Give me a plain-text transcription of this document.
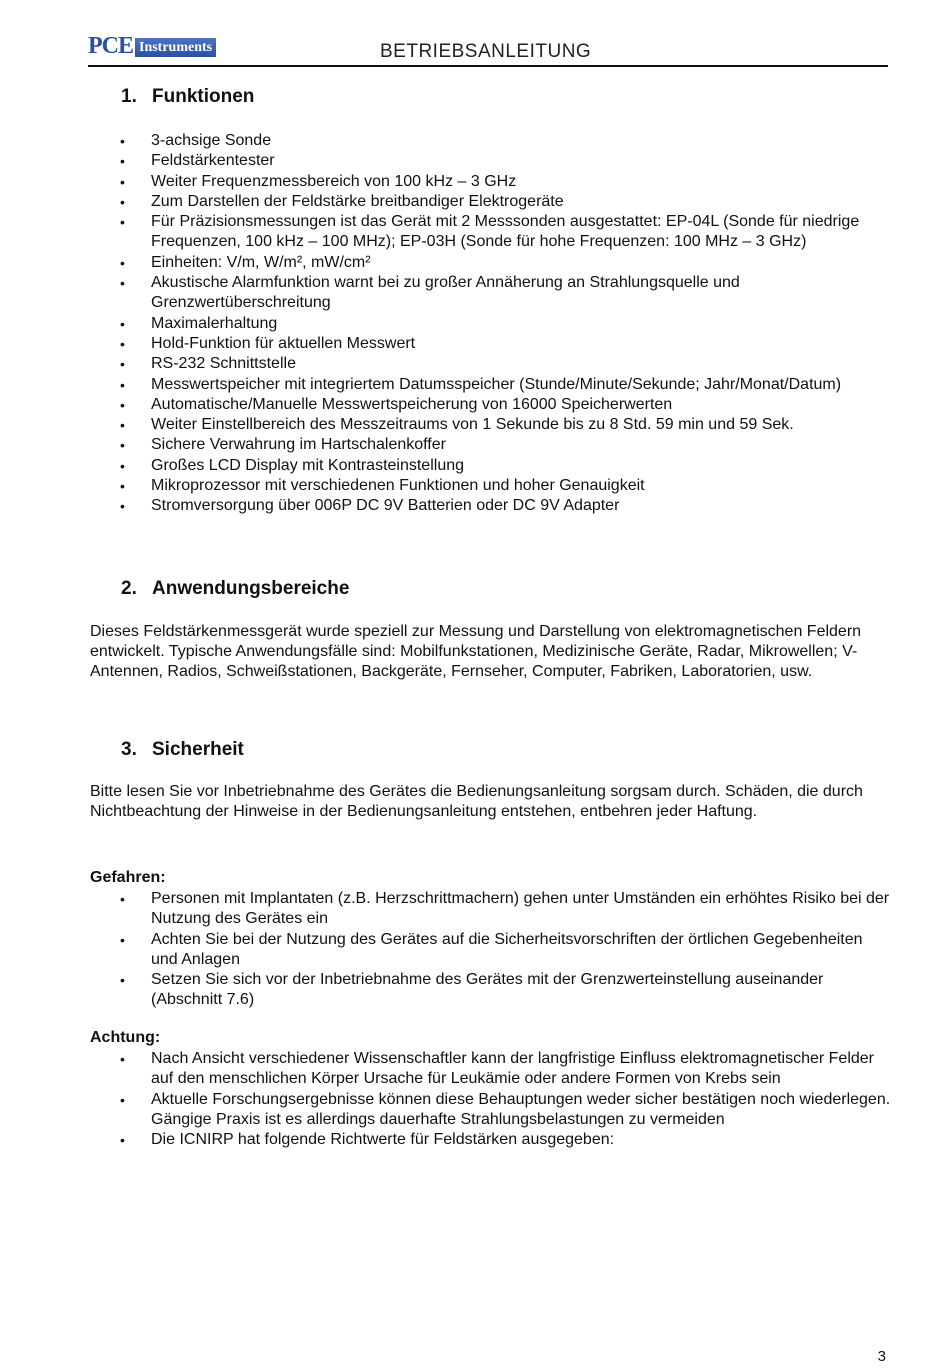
PCE Instruments	BETRIEBSANLEITUNG
1. Funktionen
• 3-achsige Sonde
• Feldstärkentester
• Weiter Frequenzmessbereich von 100 kHz – 3 GHz
• Zum Darstellen der Feldstärke breitbandiger Elektrogeräte
• Für Präzisionsmessungen ist das Gerät mit 2 Messsonden ausgestattet: EP-04L (Sonde für niedrige Frequenzen, 100 kHz – 100 MHz); EP-03H (Sonde für hohe Frequenzen: 100 MHz – 3 GHz)
• Einheiten: V/m, W/m², mW/cm²
• Akustische Alarmfunktion warnt bei zu großer Annäherung an Strahlungsquelle und Grenzwertüberschreitung
• Maximalerhaltung
• Hold-Funktion für aktuellen Messwert
• RS-232 Schnittstelle
• Messwertspeicher mit integriertem Datumsspeicher (Stunde/Minute/Sekunde; Jahr/Monat/Datum)
• Automatische/Manuelle Messwertspeicherung von 16000 Speicherwerten
• Weiter Einstellbereich des Messzeitraums von 1 Sekunde bis zu 8 Std. 59 min und 59 Sek.
• Sichere Verwahrung im Hartschalenkoffer
• Großes LCD Display mit Kontrasteinstellung
• Mikroprozessor mit verschiedenen Funktionen und hoher Genauigkeit
• Stromversorgung über 006P DC 9V Batterien oder DC 9V Adapter
2. Anwendungsbereiche

Dieses Feldstärkenmessgerät wurde speziell zur Messung und Darstellung von elektromagnetischen Feldern entwickelt. Typische Anwendungsfälle sind: Mobilfunkstationen, Medizinische Geräte, Radar, Mikrowellen; V-Antennen, Radios, Schweißstationen, Backgeräte, Fernseher, Computer, Fabriken, Laboratorien, usw.

3. Sicherheit

Bitte lesen Sie vor Inbetriebnahme des Gerätes die Bedienungsanleitung sorgsam durch. Schäden, die durch Nichtbeachtung der Hinweise in der Bedienungsanleitung entstehen, entbehren jeder Haftung.

Gefahren:
• Personen mit Implantaten (z.B. Herzschrittmachern) gehen unter Umständen ein erhöhtes Risiko bei der Nutzung des Gerätes ein
• Achten Sie bei der Nutzung des Gerätes auf die Sicherheitsvorschriften der örtlichen Gegebenheiten und Anlagen
• Setzen Sie sich vor der Inbetriebnahme des Gerätes mit der Grenzwerteinstellung auseinander (Abschnitt 7.6)
Achtung:
• Nach Ansicht verschiedener Wissenschaftler kann der langfristige Einfluss elektromagnetischer Felder auf den menschlichen Körper Ursache für Leukämie oder andere Formen von Krebs sein
• Aktuelle Forschungsergebnisse können diese Behauptungen weder sicher bestätigen noch wiederlegen. Gängige Praxis ist es allerdings dauerhafte Strahlungsbelastungen zu vermeiden
• Die ICNIRP hat folgende Richtwerte für Feldstärken ausgegeben:
3
